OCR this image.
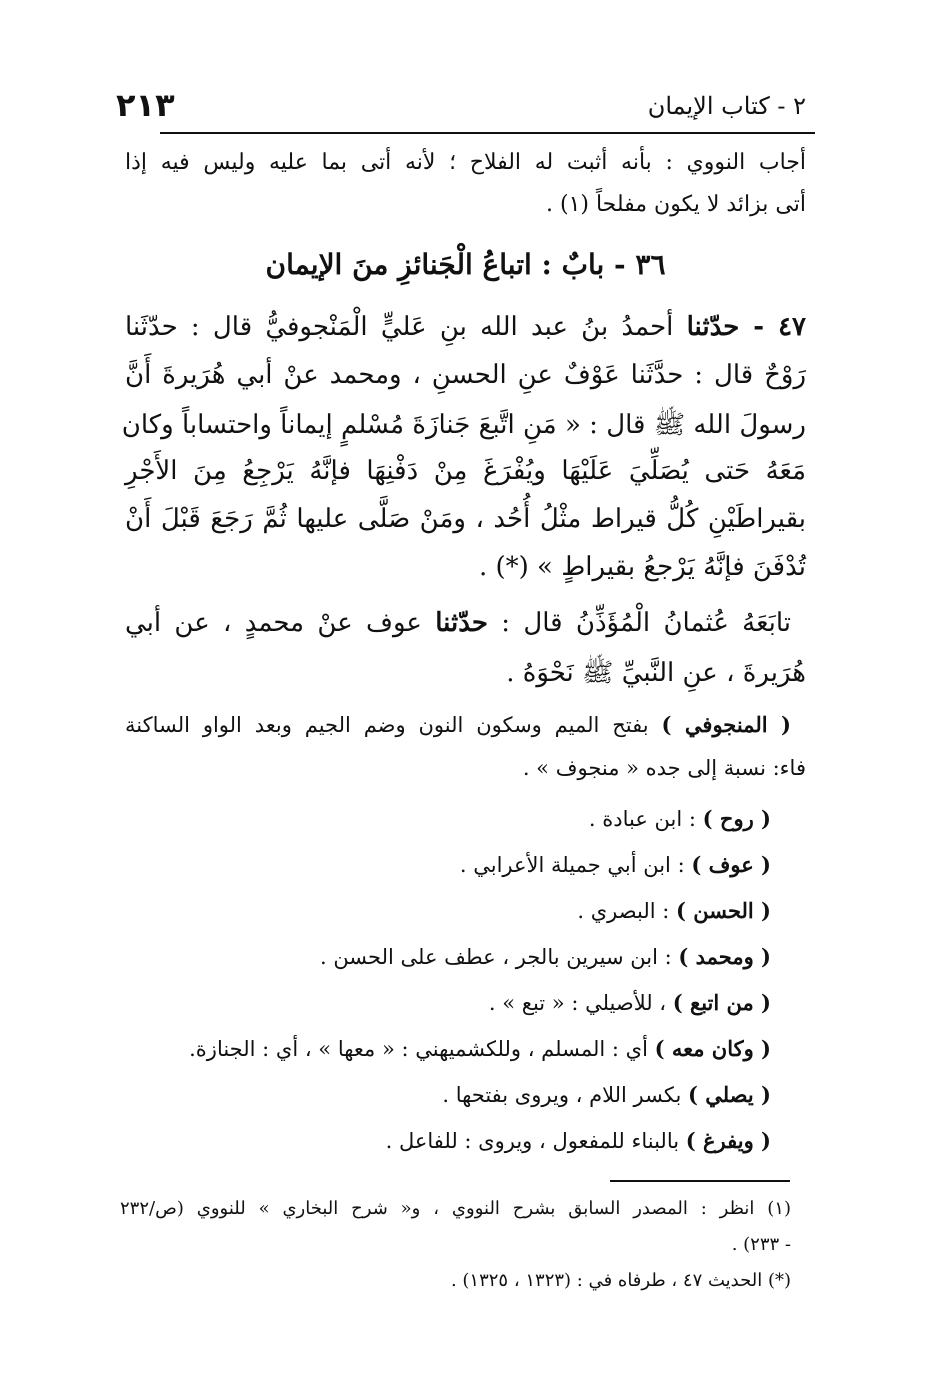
٢١٣	٢ - كتاب الإيمان
أجاب النووي : بأنه أثبت له الفلاح ؛ لأنه أتى بما عليه وليس فيه إذا
أتى بزائد لا يكون مفلحاً (١) .
٣٦ - بابٌ : اتباعُ الْجَنائزِ منَ الإيمان
٤٧ - حدّثنا أحمدُ بنُ عبد الله بنِ عَليٍّ الْمَنْجوفيُّ قال : حدّثَنا
رَوْحٌ قال : حدَّثَنا عَوْفٌ عنِ الحسنِ ، ومحمد عنْ أبي هُرَيرةَ أَنَّ
رسولَ الله ﷺ قال : « مَنِ اتَّبعَ جَنازَةَ مُسْلمٍ إيماناً واحتساباً وكان
مَعَهُ حَتى يُصَلِّيَ عَلَيْهَا ويُفْرَغَ مِنْ دَفْنِهَا فإنَّهُ يَرْجِعُ مِنَ الأَجْرِ
بقيراطَيْنِ كُلُّ قيراط مثْلُ أُحُد ، ومَنْ صَلَّى عليها ثُمَّ رَجَعَ قَبْلَ أَنْ
تُدْفَنَ فإنَّهُ يَرْجعُ بقيراطٍ » (*) .
تابَعَهُ عُثمانُ الْمُؤَذِّنُ قال : حدّثنا عوف عنْ محمدٍ ، عن أبي
هُرَيرةَ ، عنِ النَّبيِّ ﷺ نَحْوَهُ .
( المنجوفي ) بفتح الميم وسكون النون وضم الجيم وبعد الواو الساكنة
فاء: نسبة إلى جده « منجوف » .
( روح ) : ابن عبادة .
( عوف ) : ابن أبي جميلة الأعرابي .
( الحسن ) : البصري .
( ومحمد ) : ابن سيرين بالجر ، عطف على الحسن .
( من اتبع ) ، للأصيلي : « تبع » .
( وكان معه ) أي : المسلم ، وللكشميهني : « معها » ، أي : الجنازة.
( يصلي ) بكسر اللام ، ويروى بفتحها .
( ويفرغ ) بالبناء للمفعول ، ويروى : للفاعل .
(١) انظر : المصدر السابق بشرح النووي ، و« شرح البخاري » للنووي (ص/٢٣٢
- ٢٣٣) .
(*) الحديث ٤٧ ، طرفاه في : (١٣٢٣ ، ١٣٢٥) .
